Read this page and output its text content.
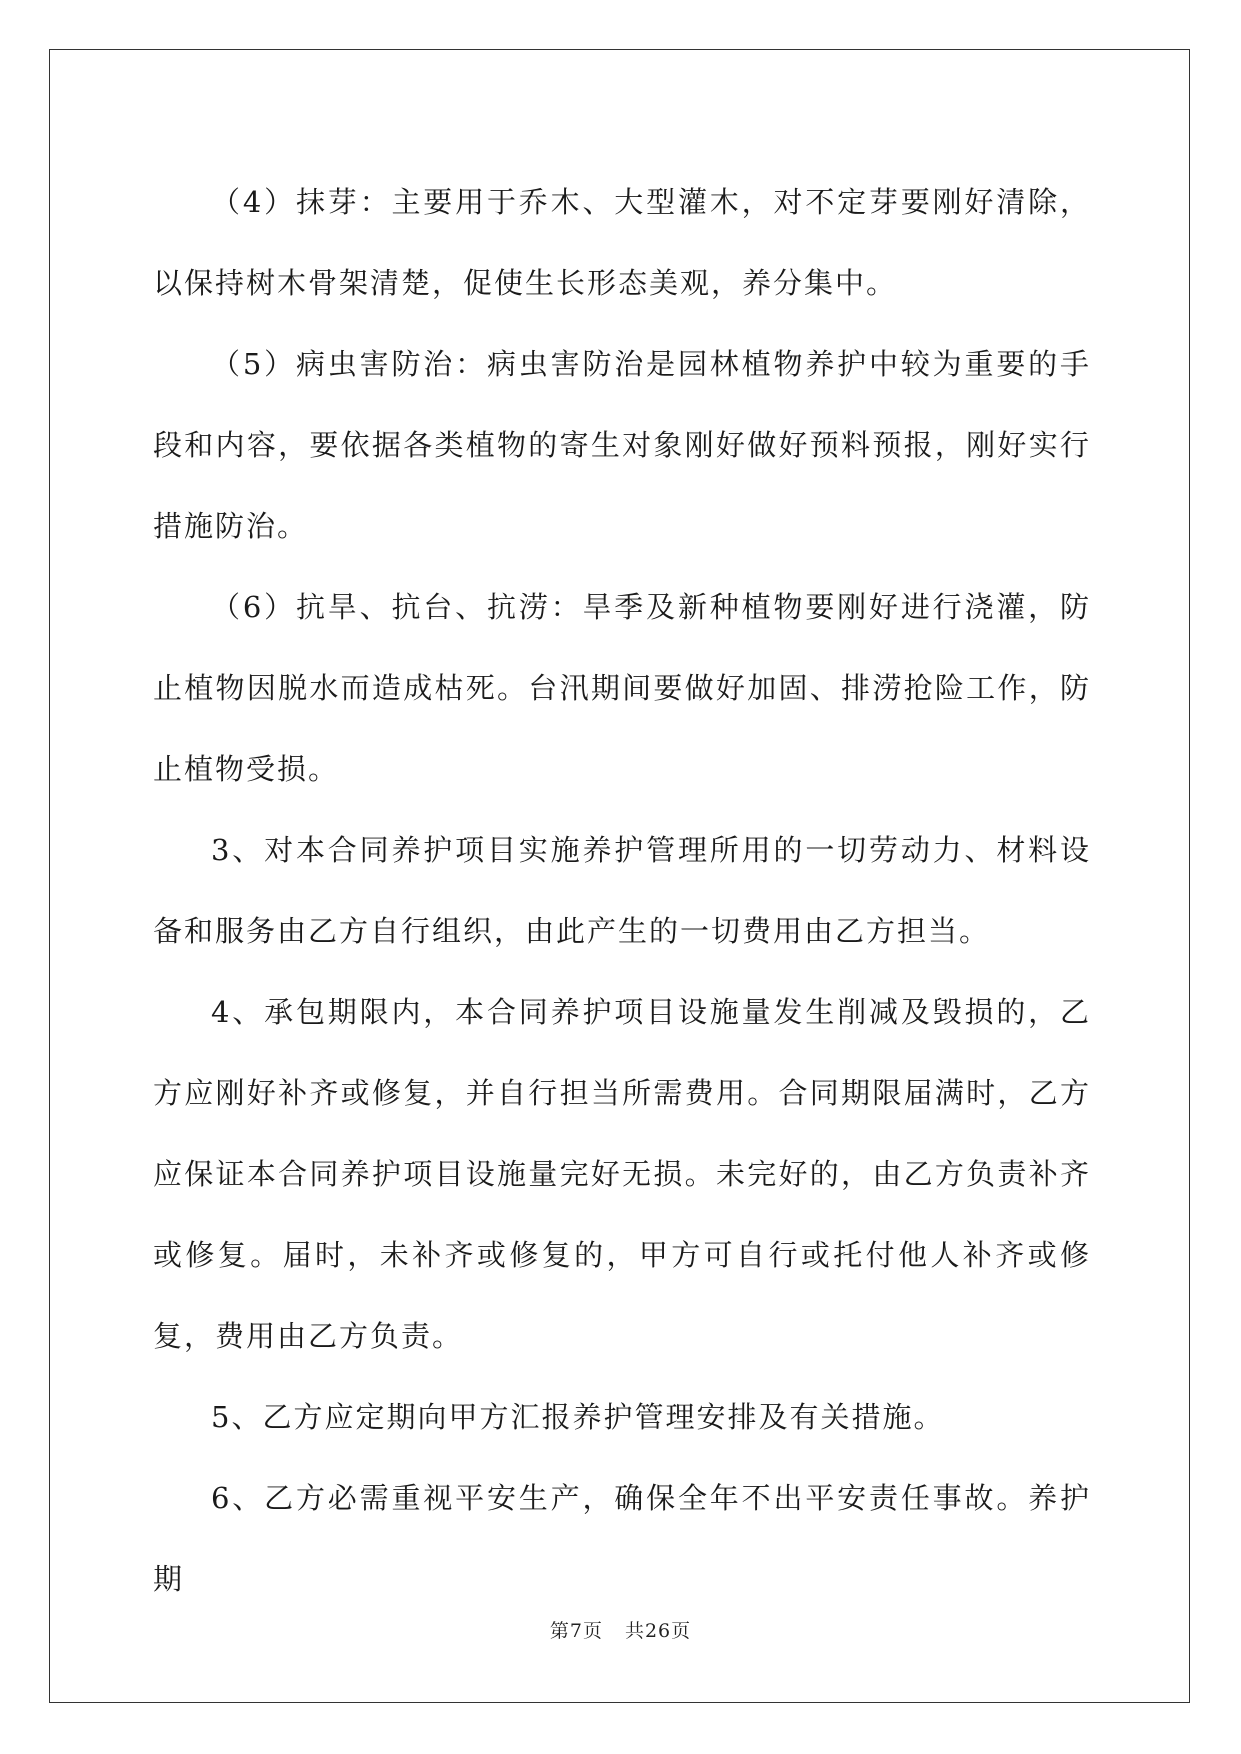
（4）抹芽：主要用于乔木、大型灌木，对不定芽要刚好清除，以保持树木骨架清楚，促使生长形态美观，养分集中。

（5）病虫害防治：病虫害防治是园林植物养护中较为重要的手段和内容，要依据各类植物的寄生对象刚好做好预料预报，刚好实行措施防治。

（6）抗旱、抗台、抗涝：旱季及新种植物要刚好进行浇灌，防止植物因脱水而造成枯死。台汛期间要做好加固、排涝抢险工作，防止植物受损。

3、对本合同养护项目实施养护管理所用的一切劳动力、材料设备和服务由乙方自行组织，由此产生的一切费用由乙方担当。

4、承包期限内，本合同养护项目设施量发生削减及毁损的，乙方应刚好补齐或修复，并自行担当所需费用。合同期限届满时，乙方应保证本合同养护项目设施量完好无损。未完好的，由乙方负责补齐或修复。届时，未补齐或修复的，甲方可自行或托付他人补齐或修复，费用由乙方负责。

5、乙方应定期向甲方汇报养护管理安排及有关措施。

6、乙方必需重视平安生产，确保全年不出平安责任事故。养护期

第7页 共26页
